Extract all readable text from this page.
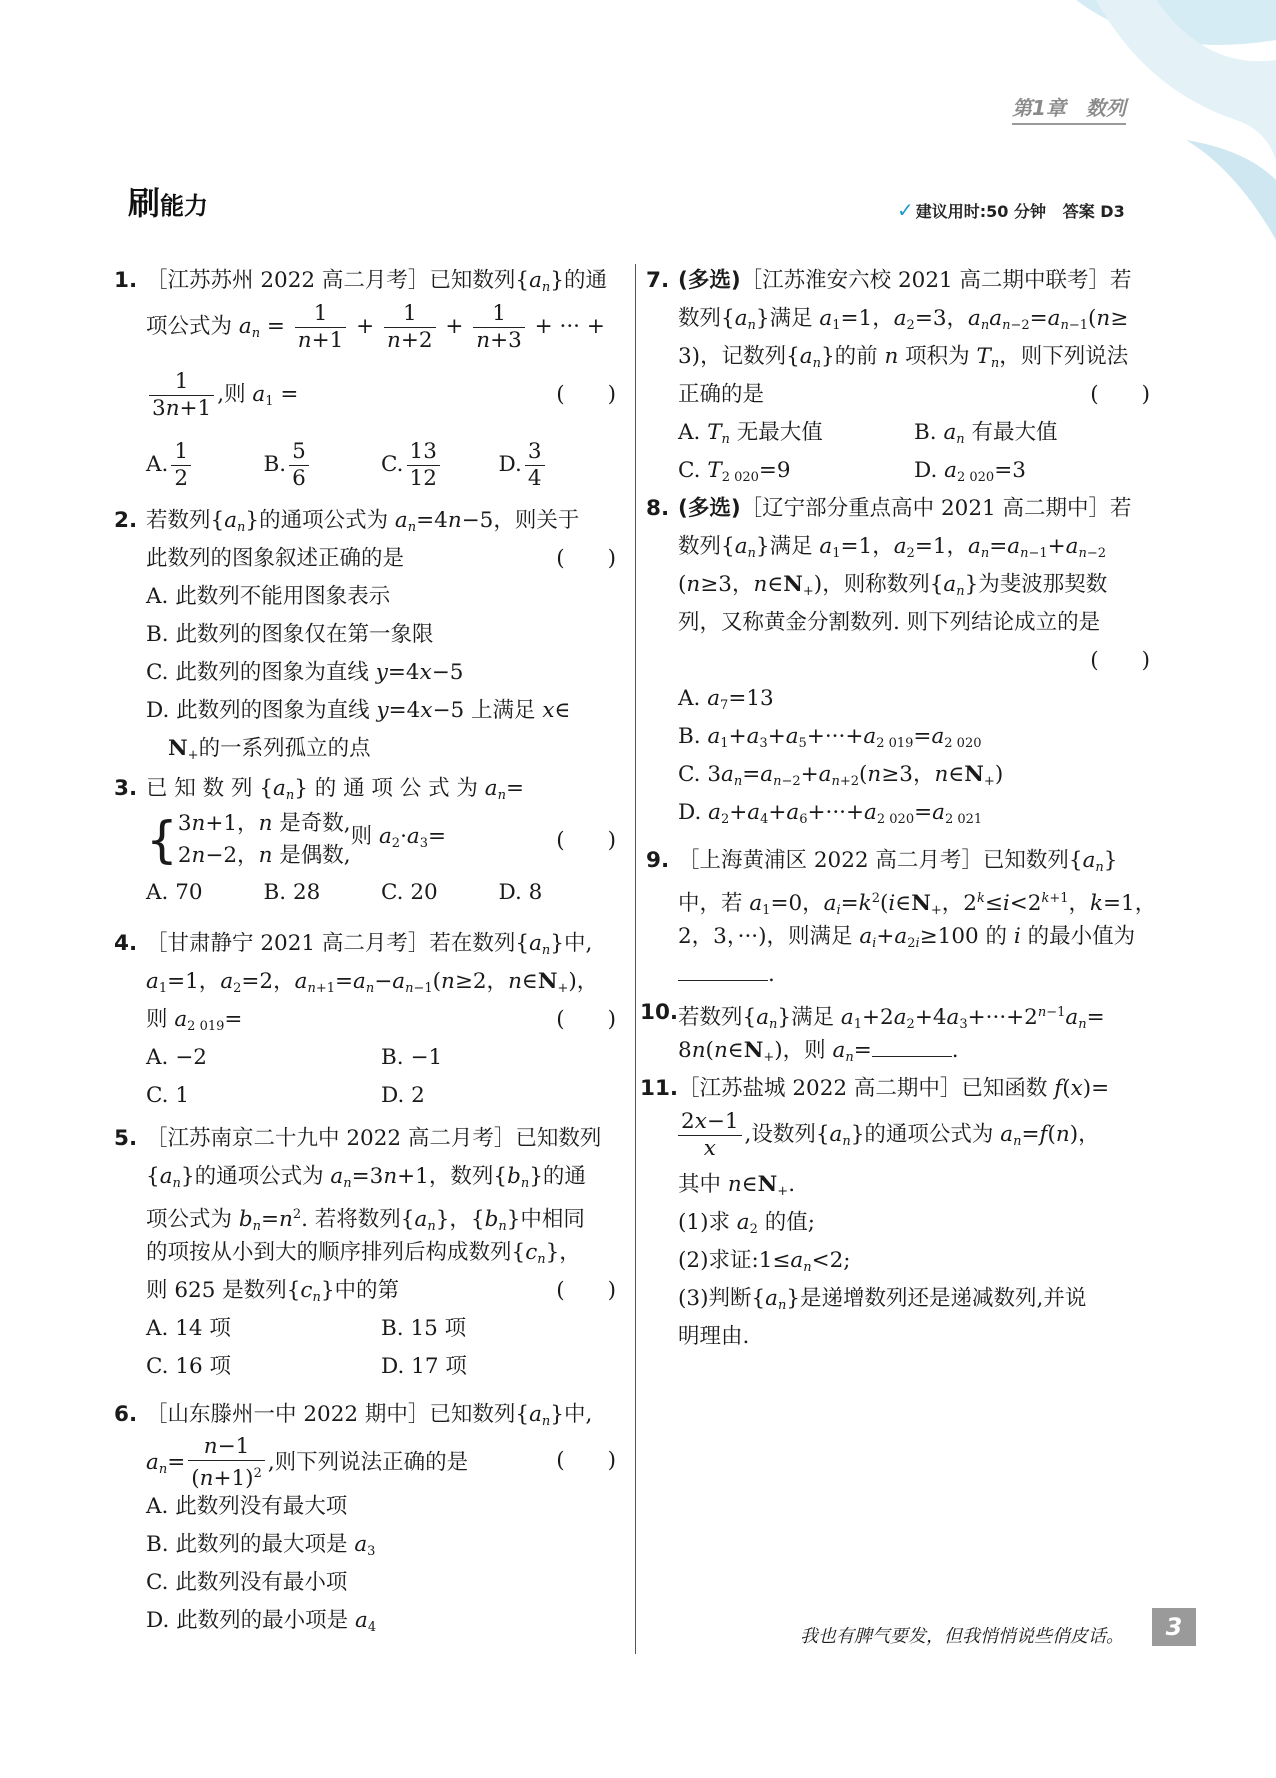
第1章　数列
刷能力	✓ 建议用时:50 分钟 答案 D3
1. ［江苏苏州 2022 高二月考］已知数列$\{a_n\}$的通
项公式为 $a_n = \frac{1}{n+1} + \frac{1}{n+2} + \frac{1}{n+3}$ + ··· +
$\frac{1}{3n+1}$ ,则 $a_1$ =	(　　)
A. $\frac{1}{2}$	B. $\frac{5}{6}$	C. $\frac{13}{12}$	D. $\frac{3}{4}$
2. 若数列$\{a_n\}$的通项公式为 $a_n=4n-5$，则关于
此数列的图象叙述正确的是	(　　)
A. 此数列不能用图象表示
B. 此数列的图象仅在第一象限
C. 此数列的图象为直线 y=4x−5
D. 此数列的图象为直线 y=4x−5 上满足 x∈
$N_+$的一系列孤立的点
3. 已 知 数 列 $\{a_n\}$ 的 通 项 公 式 为 $a_n=$
{ 3n+1，n 是奇数,
2n−2，n 是偶数,
则 $a_2\cdot a_3=$	(　　)
A. 70	B. 28	C. 20	D. 8
4. ［甘肃静宁 2021 高二月考］若在数列$\{a_n\}$中,
$a_1=1$，$a_2=2$，$a_{n+1}=a_n-a_{n-1}(n\ge 2$，$n\in N_+$)，
则 $a_{2 019}=$	(　　)
A. −2	B. −1
C. 1	D. 2
5. ［江苏南京二十九中 2022 高二月考］已知数列
$\{a_n\}$的通项公式为 $a_n=3n+1$，数列$\{b_n\}$的通
项公式为 $b_n=n^2$. 若将数列$\{a_n\}$，$\{b_n\}$中相同
的项按从小到大的顺序排列后构成数列$\{c_n\}$，
则 625 是数列$\{c_n\}$中的第	(　　)
A. 14 项	B. 15 项
C. 16 项	D. 17 项
6. ［山东滕州一中 2022 期中］已知数列$\{a_n\}$中,
$a_n= \frac{n-1}{(n+1)^2}$ ,则下列说法正确的是	(　　)
A. 此数列没有最大项
B. 此数列的最大项是 $a_3$
C. 此数列没有最小项
D. 此数列的最小项是 $a_4$
7. (多选)［江苏淮安六校 2021 高二期中联考］若
数列$\{a_n\}$满足 $a_1=1$，$a_2=3$，$a_na_{n-2}=a_{n-1}(n\ge$
3)，记数列$\{a_n\}$的前 n 项积为 $T_n$，则下列说法
正确的是	(　　)
A. $T_n$ 无最大值	B. $a_n$ 有最大值
C. $T_{2 020}=9$	D. $a_{2 020}=3$
8. (多选)［辽宁部分重点高中 2021 高二期中］若
数列$\{a_n\}$满足 $a_1=1$，$a_2=1$，$a_n=a_{n-1}+a_{n-2}$
(n≥3，$n\in N_+$)，则称数列$\{a_n\}$为斐波那契数
列，又称黄金分割数列. 则下列结论成立的是
(　　)
A. $a_7=13$
B. $a_1+a_3+a_5+\cdot\cdot\cdot+a_{2 019}=a_{2 020}$
C. $3a_n=a_{n-2}+a_{n+2}(n\ge 3$，$n\in N_+$)
D. $a_2+a_4+a_6+\cdot\cdot\cdot+a_{2 020}=a_{2 021}$
9. ［上海黄浦区 2022 高二月考］已知数列$\{a_n\}$
中，若 $a_1=0$，$a_i=k^2(i\in N_+$，$2^k\le i<2^{k+1}$，k=1，
2，3，···)，则满足 $a_i+a_{2i}\ge 100$ 的 i 的最小值为
.
10. 若数列$\{a_n\}$满足 $a_1+2a_2+4a_3+\cdot\cdot\cdot+2^{n-1}a_n=$
$8n(n\in N_+)$，则 $a_n=$	.
11. ［江苏盐城 2022 高二期中］已知函数 f(x)=
$\frac{2x-1}{x}$ ,设数列$\{a_n\}$的通项公式为 $a_n=f(n)$，
其中 $n\in N_+$.
(1)求 $a_2$ 的值;
(2)求证$:1\le a_n<2$;
(3)判断$\{a_n\}$是递增数列还是递减数列,并说
明理由.
我也有脾气要发，但我悄悄说些俏皮话。	3
